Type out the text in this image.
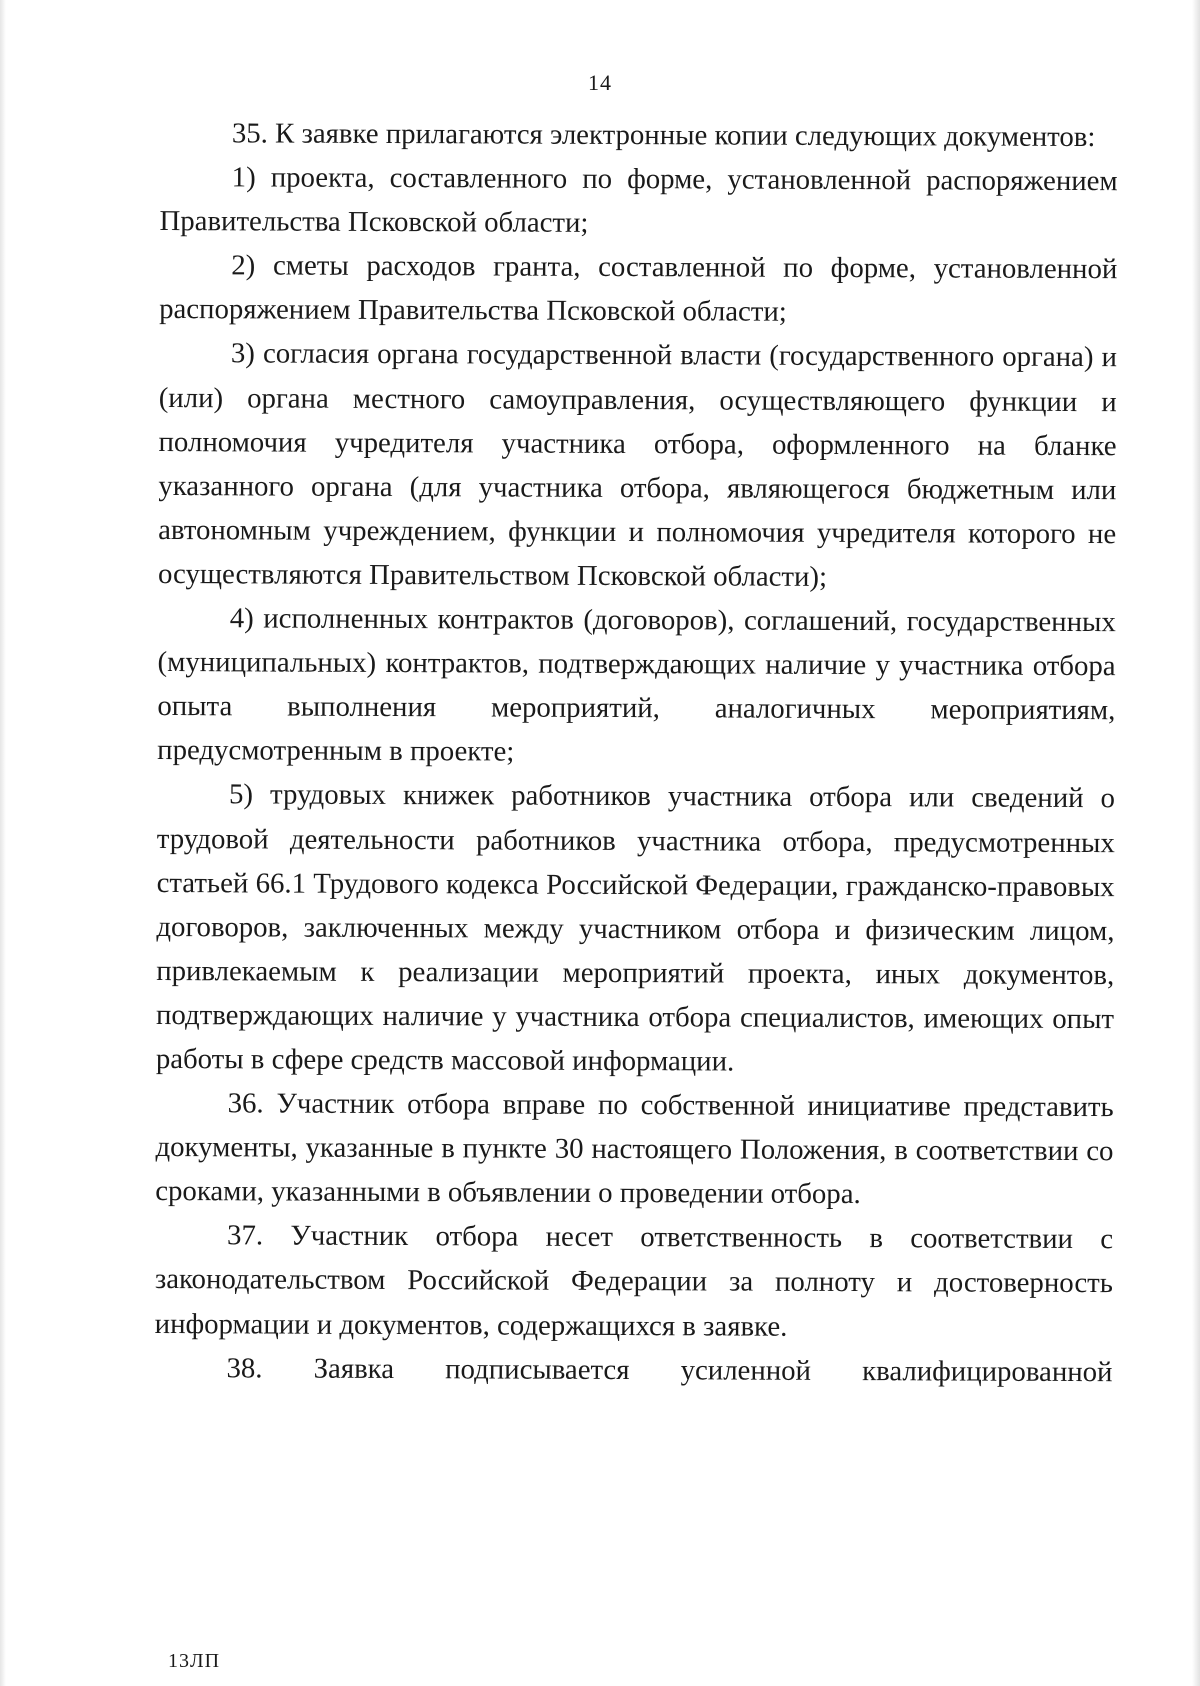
14

35. К заявке прилагаются электронные копии следующих документов:

1) проекта, составленного по форме, установленной распоряжением Правительства Псковской области;

2) сметы расходов гранта, составленной по форме, установленной распоряжением Правительства Псковской области;

3) согласия органа государственной власти (государственного органа) и (или) органа местного самоуправления, осуществляющего функции и полномочия учредителя участника отбора, оформленного на бланке указанного органа (для участника отбора, являющегося бюджетным или автономным учреждением, функции и полномочия учредителя которого не осуществляются Правительством Псковской области);

4) исполненных контрактов (договоров), соглашений, государственных (муниципальных) контрактов, подтверждающих наличие у участника отбора опыта выполнения мероприятий, аналогичных мероприятиям, предусмотренным в проекте;

5) трудовых книжек работников участника отбора или сведений о трудовой деятельности работников участника отбора, предусмотренных статьей 66.1 Трудового кодекса Российской Федерации, гражданско-правовых договоров, заключенных между участником отбора и физическим лицом, привлекаемым к реализации мероприятий проекта, иных документов, подтверждающих наличие у участника отбора специалистов, имеющих опыт работы в сфере средств массовой информации.

36. Участник отбора вправе по собственной инициативе представить документы, указанные в пункте 30 настоящего Положения, в соответствии со сроками, указанными в объявлении о проведении отбора.

37. Участник отбора несет ответственность в соответствии с законодательством Российской Федерации за полноту и достоверность информации и документов, содержащихся в заявке.

38. Заявка подписывается усиленной квалифицированной

13ЛП
